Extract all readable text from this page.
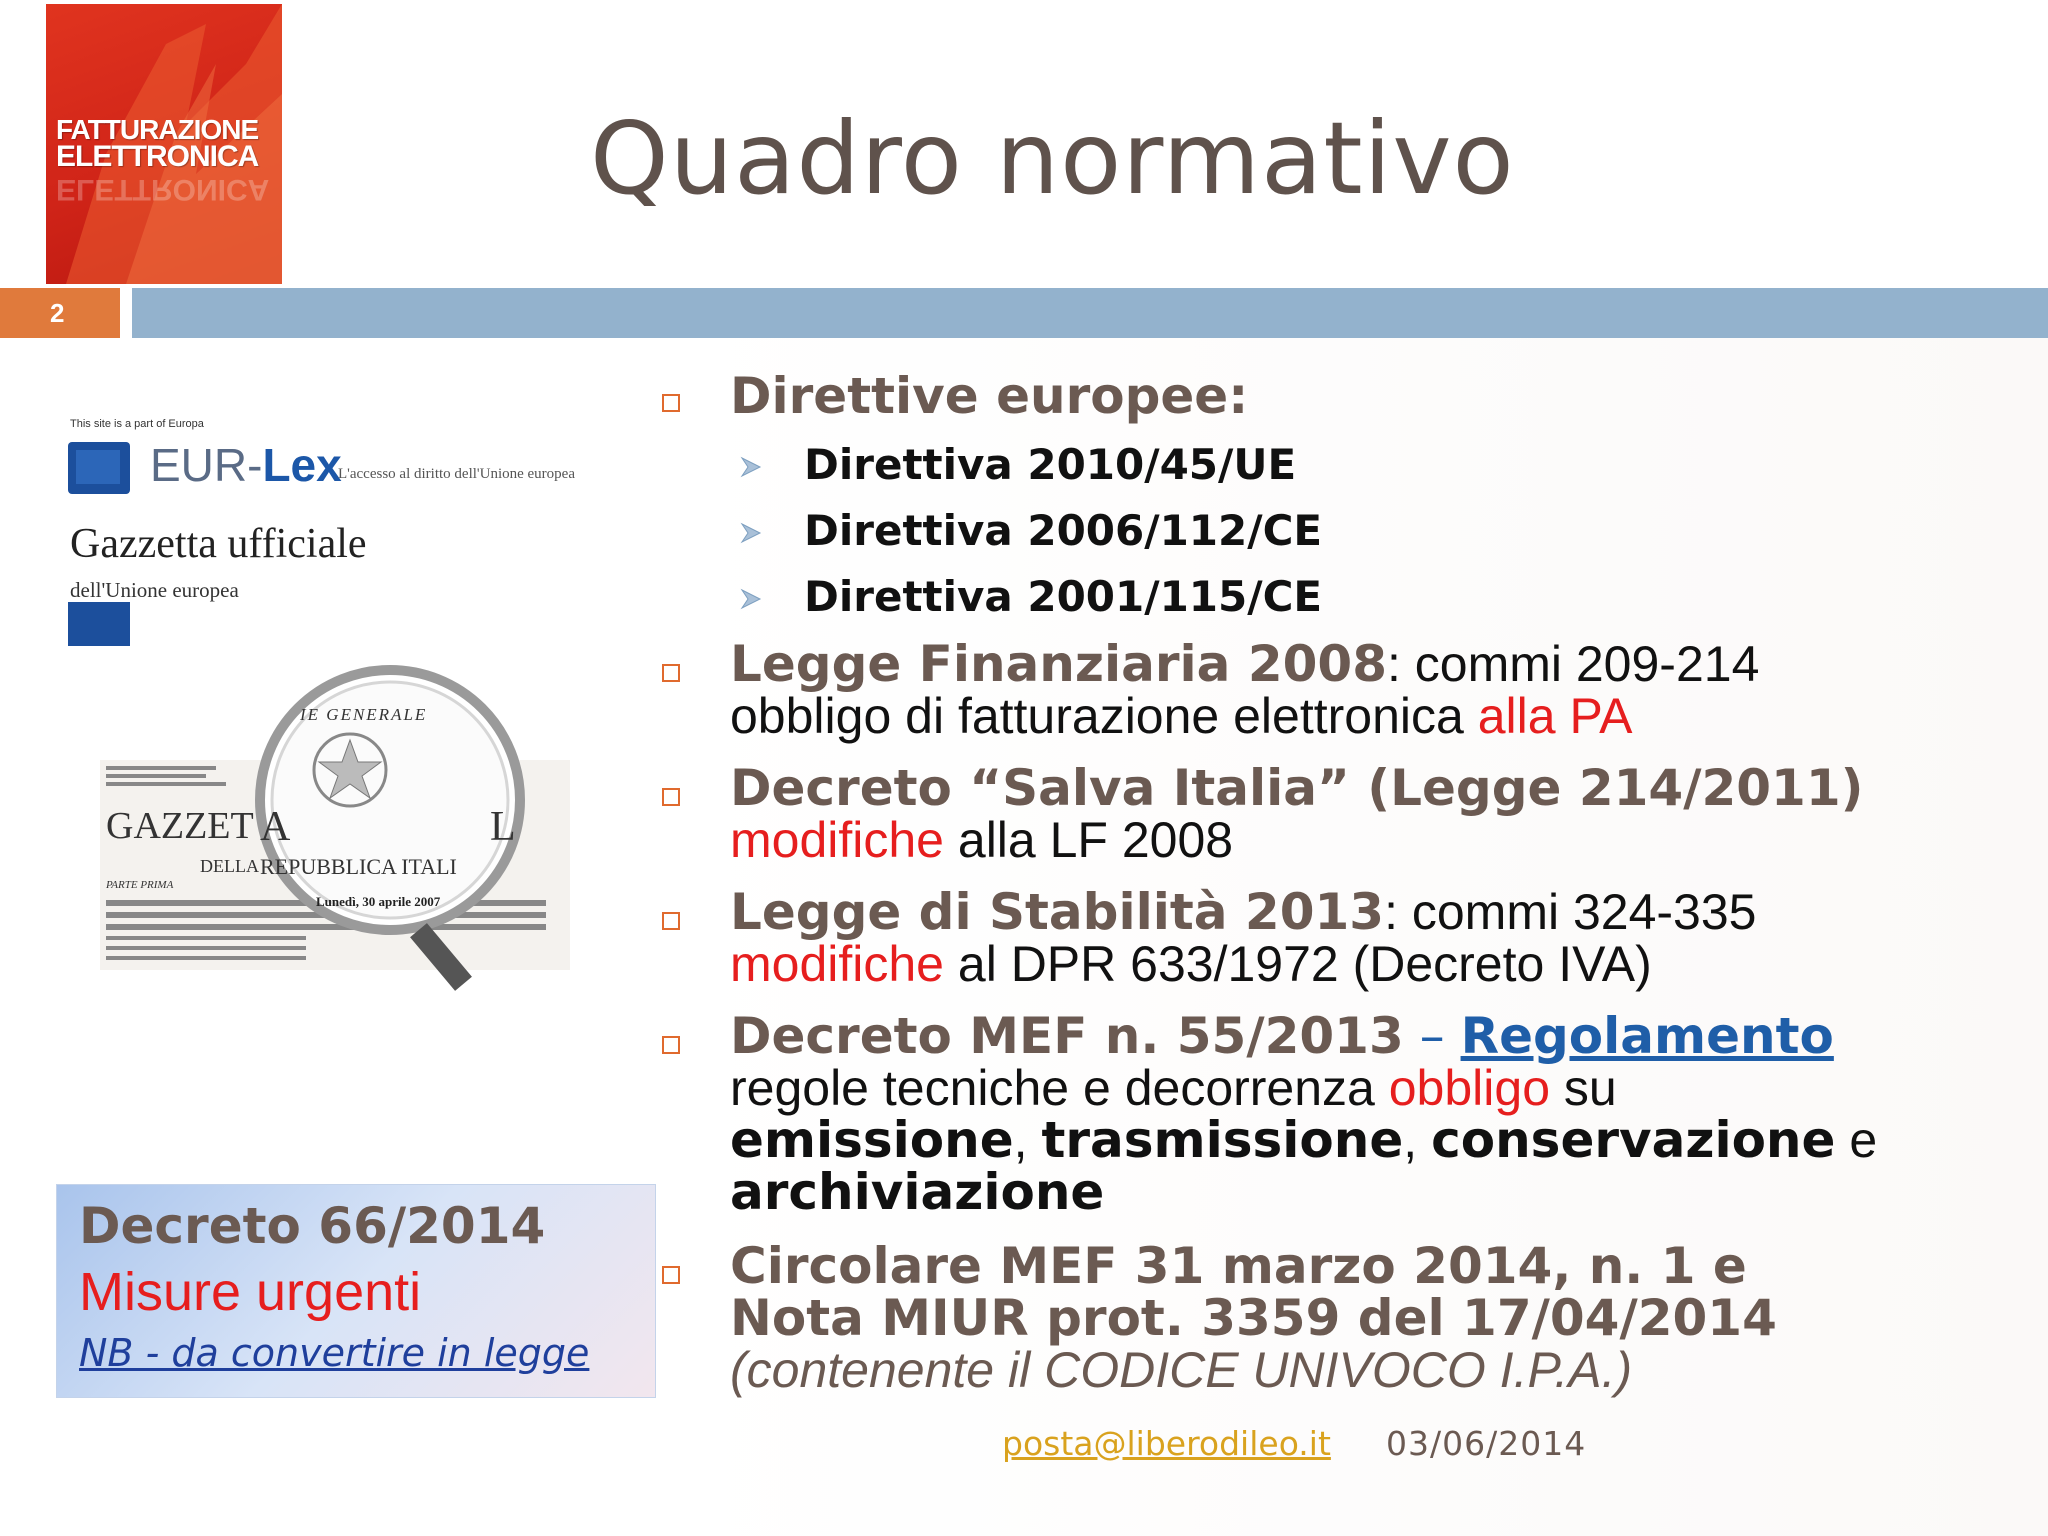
FATTURAZIONE
ELETTRONICA
ELETTRONICA	Quadro normativo
2
This site is a part of Europa
EUR-Lex
L'accesso al diritto dell'Unione europea
Gazzetta ufficiale
dell'Unione europea
GAZZET
DELLA
PARTE PRIMA
IE GENERALE
A	L
REPUBBLICA ITALI
Lunedì, 30 aprile 2007
Decreto 66/2014
Misure urgenti
NB - da convertire in legge
Direttive europee:
Direttiva 2010/45/UE
Direttiva 2006/112/CE
Direttiva 2001/115/CE
Legge Finanziaria 2008: commi 209-214
obbligo di fatturazione elettronica alla PA
Decreto “Salva Italia” (Legge 214/2011)
modifiche alla LF 2008
Legge di Stabilità 2013: commi 324-335
modifiche al DPR 633/1972 (Decreto IVA)
Decreto MEF n. 55/2013 – Regolamento
regole tecniche e decorrenza obbligo su
emissione, trasmissione, conservazione e
archiviazione
Circolare MEF 31 marzo 2014, n. 1 e
Nota MIUR prot. 3359 del 17/04/2014
(contenente il CODICE UNIVOCO I.P.A.)
posta@liberodileo.it 03/06/2014
